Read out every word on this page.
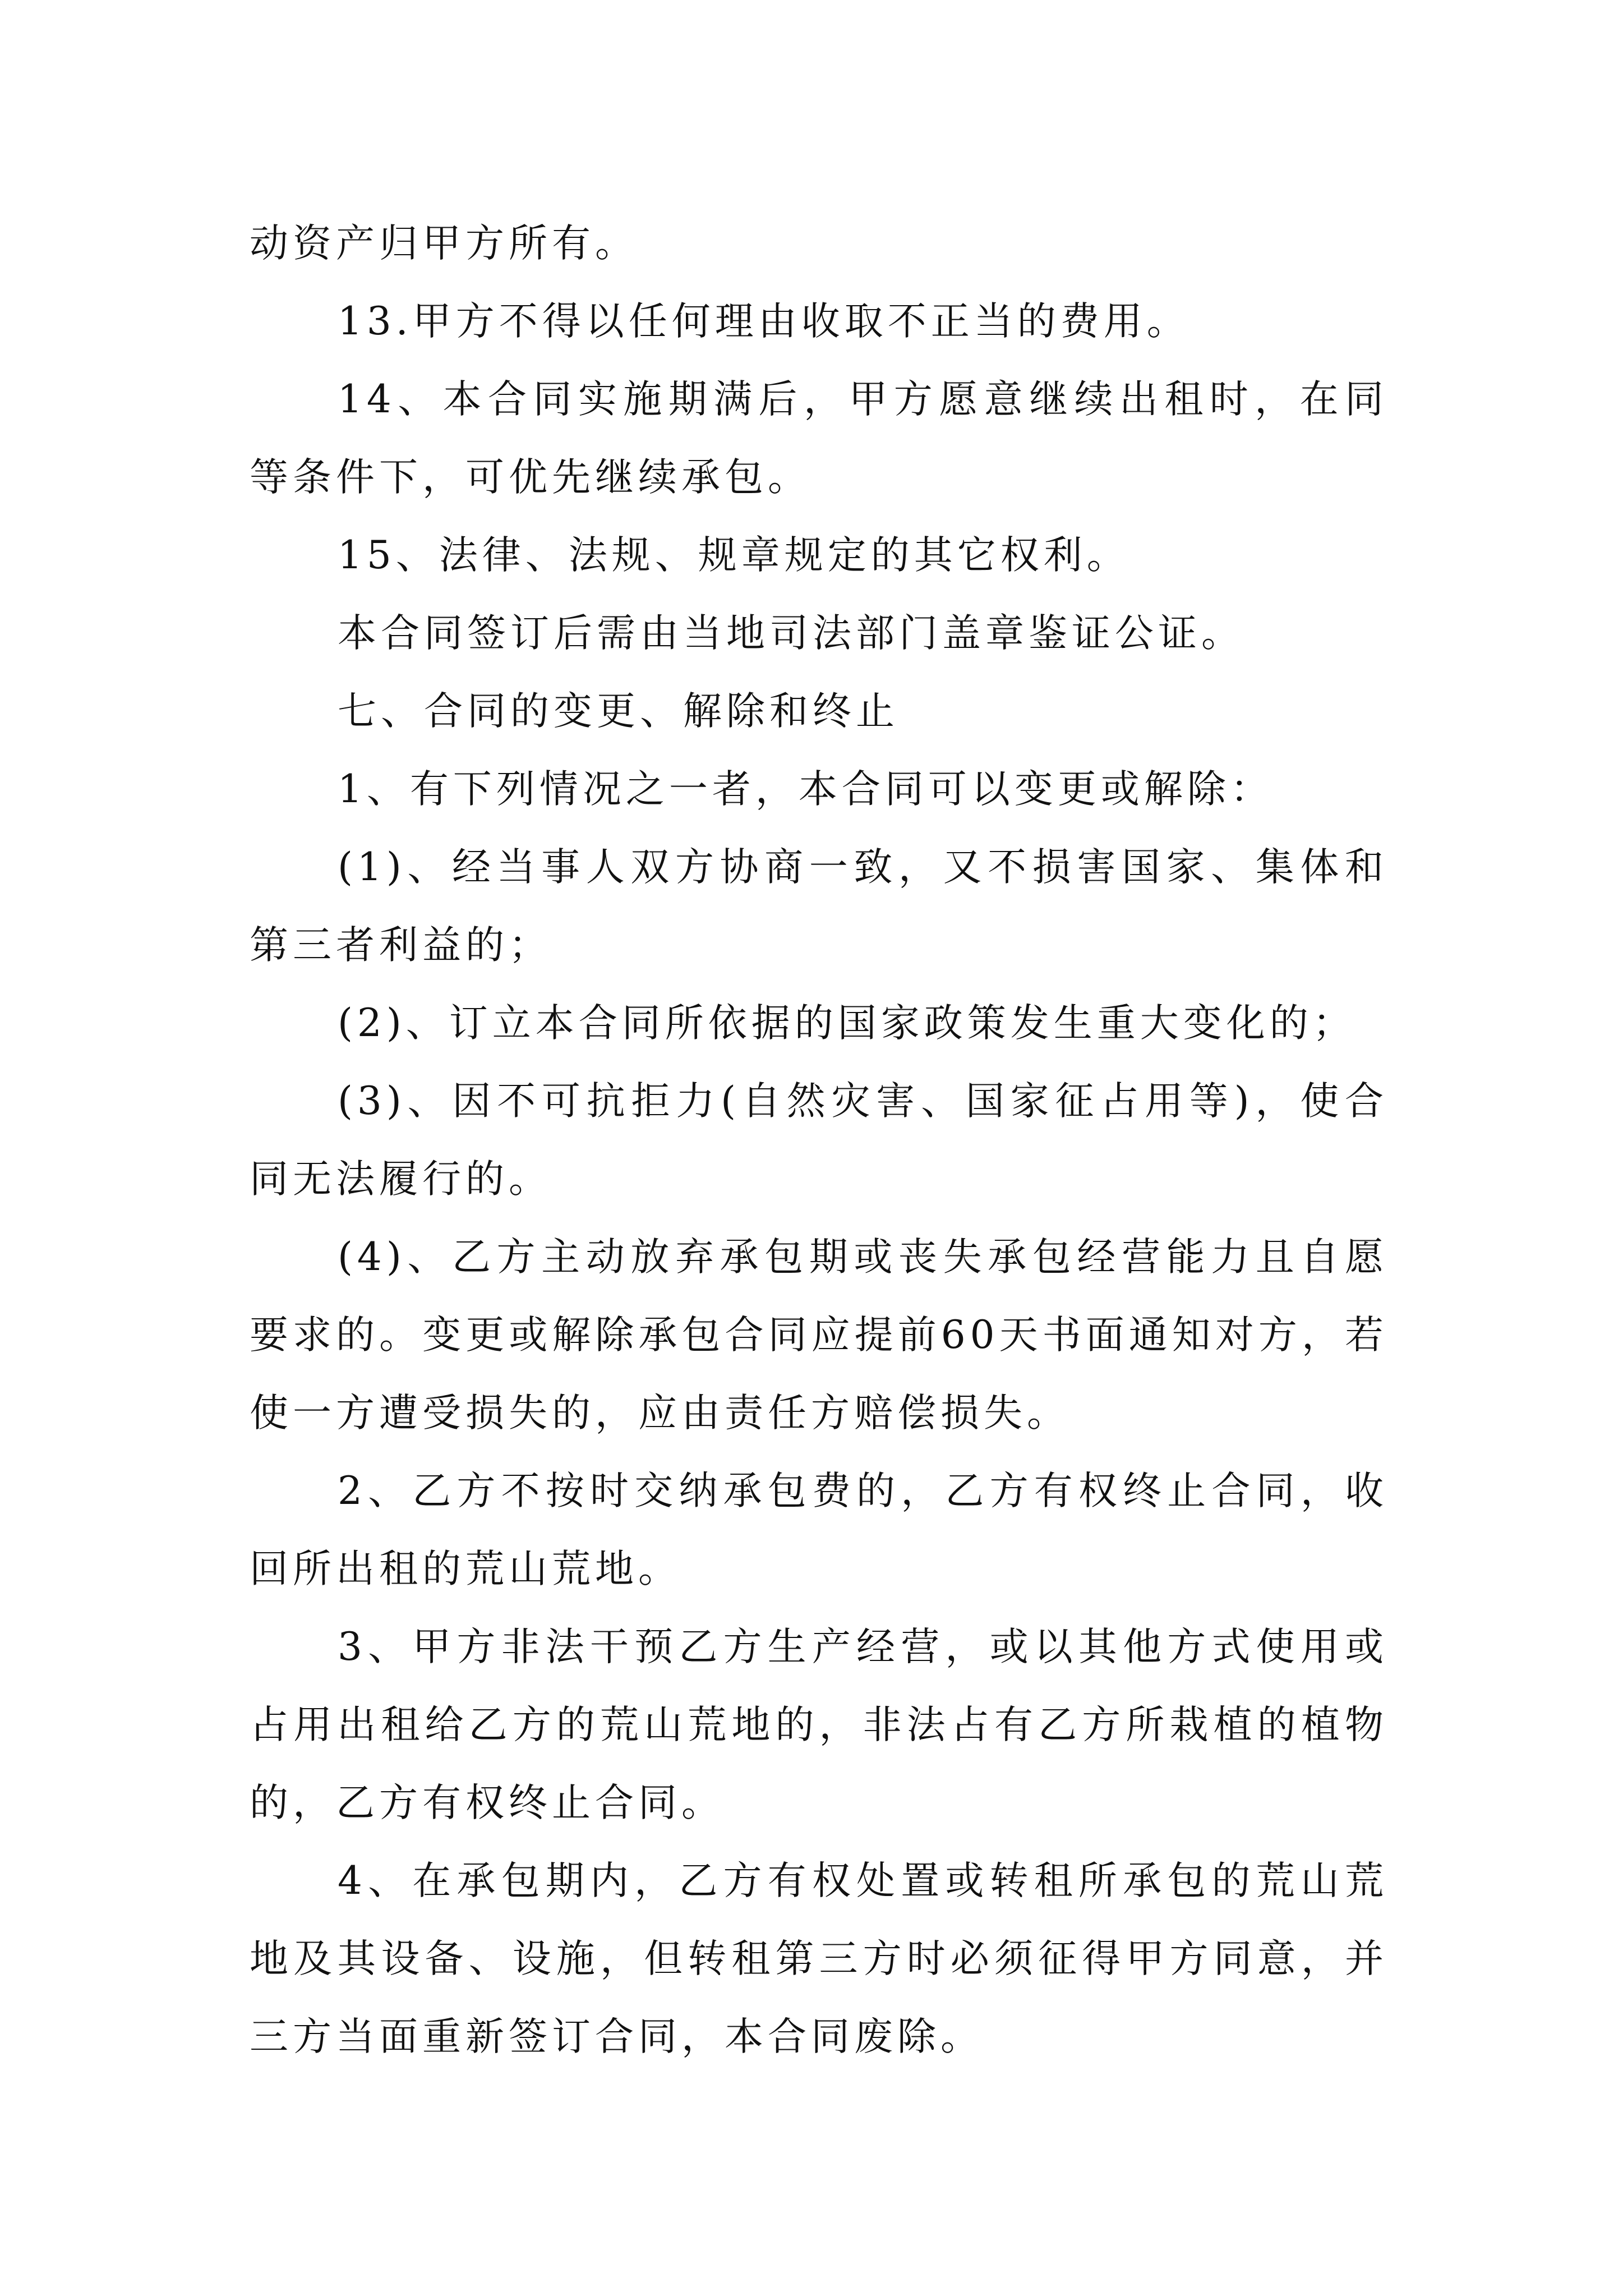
动资产归甲方所有。

13.甲方不得以任何理由收取不正当的费用。

14、本合同实施期满后，甲方愿意继续出租时，在同等条件下，可优先继续承包。

15、法律、法规、规章规定的其它权利。

本合同签订后需由当地司法部门盖章鉴证公证。

七、合同的变更、解除和终止

1、有下列情况之一者，本合同可以变更或解除：

(1)、经当事人双方协商一致，又不损害国家、集体和第三者利益的；

(2)、订立本合同所依据的国家政策发生重大变化的；

(3)、因不可抗拒力(自然灾害、国家征占用等)，使合同无法履行的。

(4)、乙方主动放弃承包期或丧失承包经营能力且自愿要求的。变更或解除承包合同应提前60天书面通知对方，若使一方遭受损失的，应由责任方赔偿损失。

2、乙方不按时交纳承包费的，乙方有权终止合同，收回所出租的荒山荒地。

3、甲方非法干预乙方生产经营，或以其他方式使用或占用出租给乙方的荒山荒地的，非法占有乙方所栽植的植物的，乙方有权终止合同。

4、在承包期内，乙方有权处置或转租所承包的荒山荒地及其设备、设施，但转租第三方时必须征得甲方同意，并三方当面重新签订合同，本合同废除。
